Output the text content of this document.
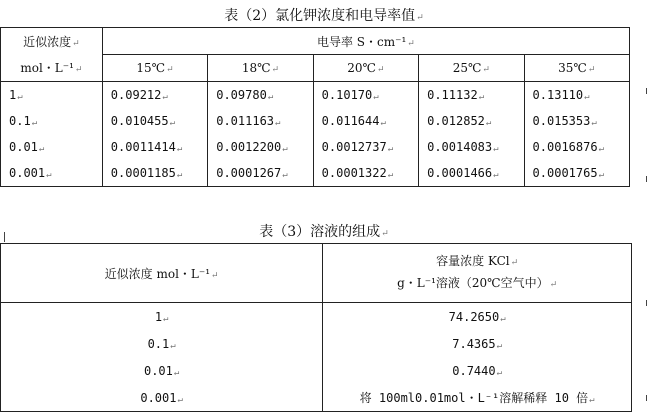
表（2）氯化钾浓度和电导率值↵
近似浓度↵	电导率 S・cm⁻¹↵				
mol・L⁻¹↵	15℃↵	18℃↵	20℃↵	25℃↵	35℃↵
1↵	0.09212↵	0.09780↵	0.10170↵	0.11132↵	0.13110↵
0.1↵	0.010455↵	0.011163↵	0.011644↵	0.012852↵	0.015353↵
0.01↵	0.0011414↵	0.0012200↵	0.0012737↵	0.0014083↵	0.0016876↵
0.001↵	0.0001185↵	0.0001267↵	0.0001322↵	0.0001466↵	0.0001765↵
表（3）溶液的组成↵
近似浓度 mol・L⁻¹↵	容量浓度 KCl↵
g・L⁻¹溶液（20℃空气中）↵

1↵	74.2650↵
0.1↵	7.4365↵
0.01↵	0.7440↵
0.001↵	将 100ml0.01mol・L⁻¹溶解稀释 10 倍↵
